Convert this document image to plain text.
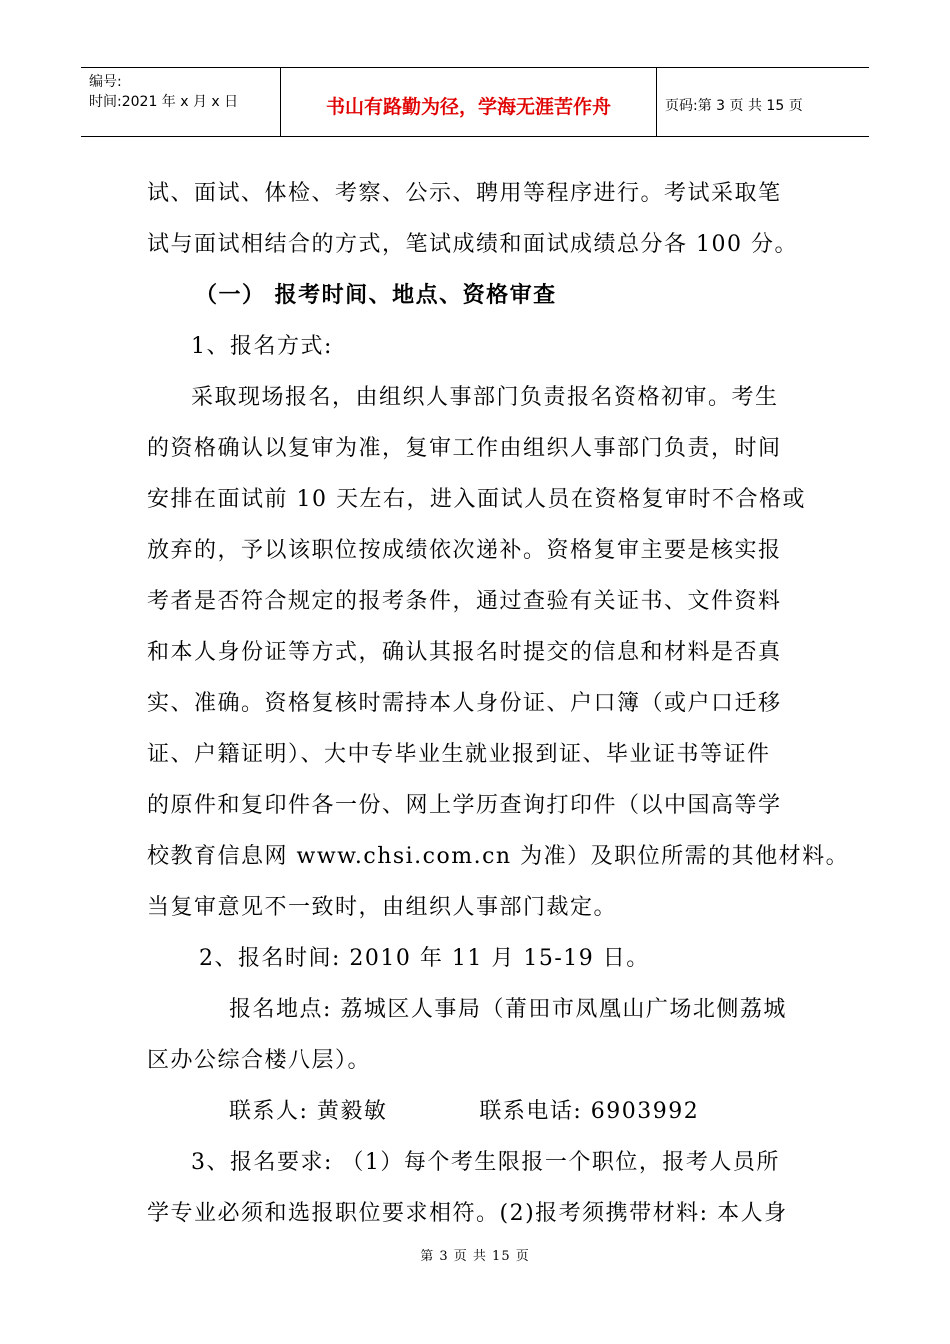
编号:
时间:2021 年 x 月 x 日	书山有路勤为径，学海无涯苦作舟	页码:第 3 页 共 15 页
试、面试、体检、考察、公示、聘用等程序进行。考试采取笔
试与面试相结合的方式，笔试成绩和面试成绩总分各 100 分。
（一） 报考时间、地点、资格审查
1、报名方式:
采取现场报名，由组织人事部门负责报名资格初审。考生
的资格确认以复审为准，复审工作由组织人事部门负责，时间
安排在面试前 10 天左右，进入面试人员在资格复审时不合格或
放弃的，予以该职位按成绩依次递补。资格复审主要是核实报
考者是否符合规定的报考条件，通过查验有关证书、文件资料
和本人身份证等方式，确认其报名时提交的信息和材料是否真
实、准确。资格复核时需持本人身份证、户口簿（或户口迁移
证、户籍证明）、大中专毕业生就业报到证、毕业证书等证件
的原件和复印件各一份、网上学历查询打印件（以中国高等学
校教育信息网 www.chsi.com.cn 为准）及职位所需的其他材料。
当复审意见不一致时，由组织人事部门裁定。
2、报名时间: 2010 年 11 月 15-19 日。
报名地点: 荔城区人事局（莆田市凤凰山广场北侧荔城
区办公综合楼八层）。
联系人: 黄毅敏	联系电话: 6903992
3、报名要求: （1）每个考生限报一个职位，报考人员所
学专业必须和选报职位要求相符。(2)报考须携带材料: 本人身
第 3 页 共 15 页
